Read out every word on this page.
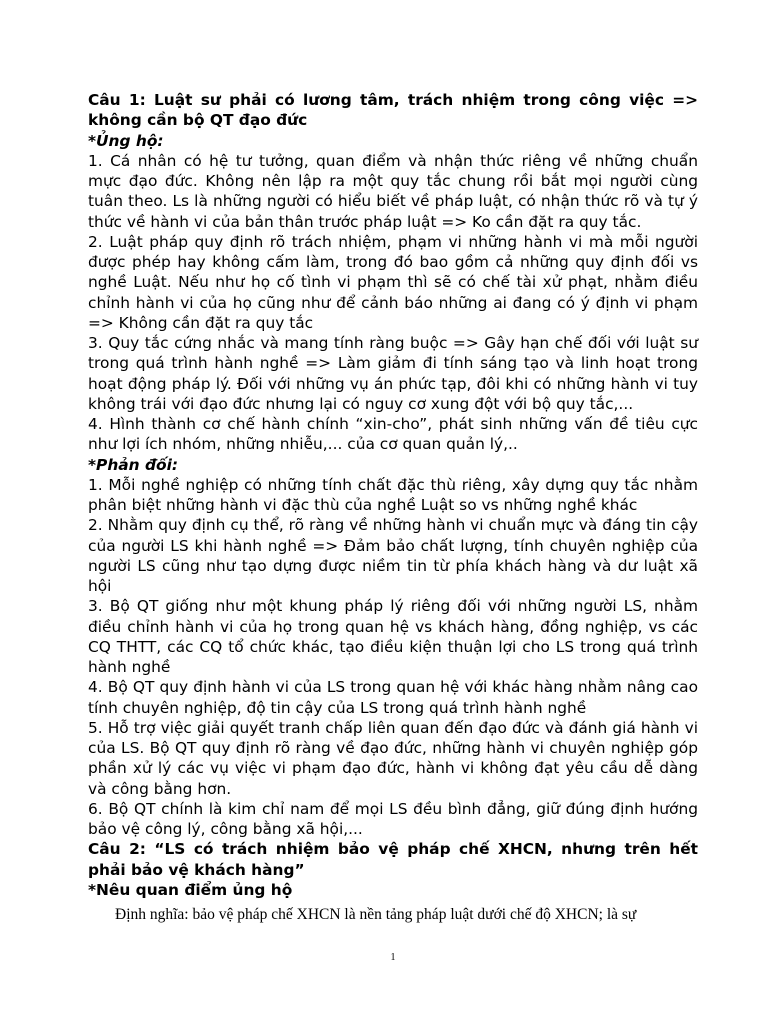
Câu 1: Luật sư phải có lương tâm, trách nhiệm trong công việc => không cần bộ QT đạo đức

*Ủng hộ:

1. Cá nhân có hệ tư tưởng, quan điểm và nhận thức riêng về những chuẩn mực đạo đức. Không nên lập ra một quy tắc chung rồi bắt mọi người cùng tuân theo. Ls là những người có hiểu biết về pháp luật, có nhận thức rõ và tự ý thức về hành vi của bản thân trước pháp luật => Ko cần đặt ra quy tắc.

2. Luật pháp quy định rõ trách nhiệm, phạm vi những hành vi mà mỗi người được phép hay không cấm làm, trong đó bao gồm cả những quy định đối vs nghề Luật. Nếu như họ cố tình vi phạm thì sẽ có chế tài xử phạt, nhằm điều chỉnh hành vi của họ cũng như để cảnh báo những ai đang có ý định vi phạm => Không cần đặt ra quy tắc

3. Quy tắc cứng nhắc và mang tính ràng buộc => Gây hạn chế đối với luật sư trong quá trình hành nghề => Làm giảm đi tính sáng tạo và linh hoạt trong hoạt động pháp lý. Đối với những vụ án phức tạp, đôi khi có những hành vi tuy không trái với đạo đức nhưng lại có nguy cơ xung đột với bộ quy tắc,...

4. Hình thành cơ chế hành chính “xin-cho”, phát sinh những vấn đề tiêu cực như lợi ích nhóm, những nhiễu,... của cơ quan quản lý,..

*Phản đối:

1. Mỗi nghề nghiệp có những tính chất đặc thù riêng, xây dựng quy tắc nhằm phân biệt những hành vi đặc thù của nghề Luật so vs những nghề khác

2. Nhằm quy định cụ thể, rõ ràng về những hành vi chuẩn mực và đáng tin cậy của người LS khi hành nghề => Đảm bảo chất lượng, tính chuyên nghiệp của người LS cũng như tạo dựng được niềm tin từ phía khách hàng và dư luật xã hội

3. Bộ QT giống như một khung pháp lý riêng đối với những người LS, nhằm điều chỉnh hành vi của họ trong quan hệ vs khách hàng, đồng nghiệp, vs các CQ THTT, các CQ tổ chức khác, tạo điều kiện thuận lợi cho LS trong quá trình hành nghề

4. Bộ QT quy định hành vi của LS trong quan hệ với khác hàng nhằm nâng cao tính chuyên nghiệp, độ tin cậy của LS trong quá trình hành nghề

5. Hỗ trợ việc giải quyết tranh chấp liên quan đến đạo đức và đánh giá hành vi của LS. Bộ QT quy định rõ ràng về đạo đức, những hành vi chuyên nghiệp góp phần xử lý các vụ việc vi phạm đạo đức, hành vi không đạt yêu cầu dễ dàng và công bằng hơn.

6. Bộ QT chính là kim chỉ nam để mọi LS đều bình đẳng, giữ đúng định hướng bảo vệ công lý, công bằng xã hội,...

Câu 2: “LS có trách nhiệm bảo vệ pháp chế XHCN, nhưng trên hết phải bảo vệ khách hàng”

*Nêu quan điểm ủng hộ

Định nghĩa: bảo vệ pháp chế XHCN là nền tảng pháp luật dưới chế độ XHCN; là sự

1
